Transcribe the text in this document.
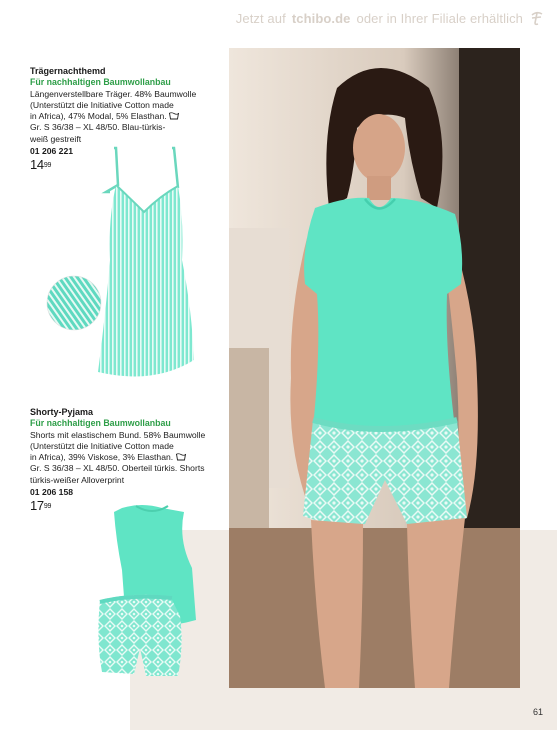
Jetzt auf tchibo.de oder in Ihrer Filiale erhältlich
Trägernachthemd
Für nachhaltigen Baumwollanbau
Längenverstellbare Träger. 48% Baumwolle
(Unterstützt die Initiative Cotton made
in Africa), 47% Modal, 5% Elasthan.
Gr. S 36/38 – XL 48/50. Blau-türkis-
weiß gestreift
01 206 221
$14^{99}$
Shorty-Pyjama
Für nachhaltigen Baumwollanbau
Shorts mit elastischem Bund. 58% Baumwolle
(Unterstützt die Initiative Cotton made
in Africa), 39% Viskose, 3% Elasthan.
Gr. S 36/38 – XL 48/50. Oberteil türkis. Shorts
türkis-weißer Alloverprint
01 206 158
$17^{99}$
61
